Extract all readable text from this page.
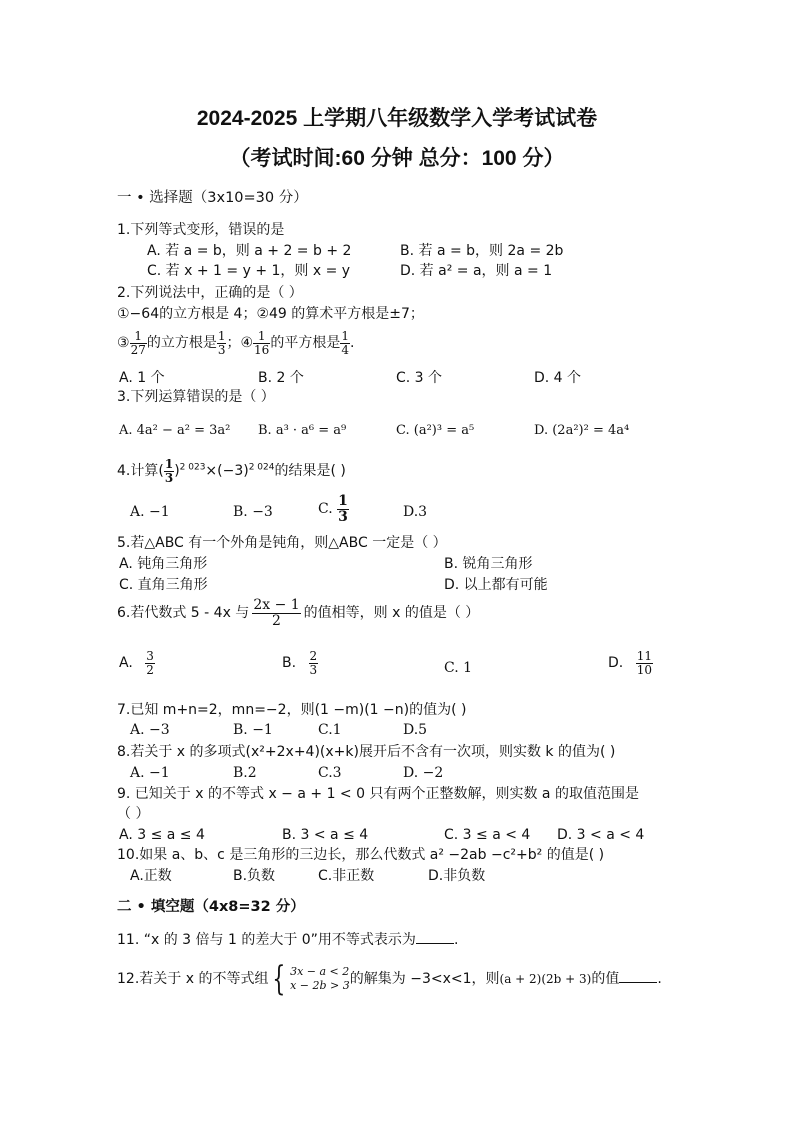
2024-2025 上学期八年级数学入学考试试卷
（考试时间:60 分钟 总分：100 分）
一 • 选择题（3x10=30 分）
1.下列等式变形，错误的是
A. 若 a = b，则 a + 2 = b + 2	B. 若 a = b，则 2a = 2b
C. 若 x + 1 = y + 1，则 x = y	D. 若 a² = a，则 a = 1
2.下列说法中，正确的是（ ）
①−64的立方根是 4；②49 的算术平方根是±7；
③ $\frac{1}{27}$ 的立方根是 $\frac{1}{3}$ ；④ $\frac{1}{16}$ 的平方根是 $\frac{1}{4}$ .
A. 1 个	B. 2 个	C. 3 个	D. 4 个
3.下列运算错误的是（ ）
A. 4a² − a² = 3a² B. a³ · a⁶ = a⁹	C. (a²)³ = a⁵	D. (2a²)² = 4a⁴
4.计算( $\frac{1}{3} )^{2 023}\times(-3)^{2 024}$的结果是( )
A. −1	B. −3	C. $\frac{1}{3}$	D.3
5.若△ABC 有一个外角是钝角，则△ABC 一定是（ ）
A. 钝角三角形	B. 锐角三角形
C. 直角三角形	D. 以上都有可能
6.若代数式 5 - 4x 与 $\frac{2x - 1}{2}$ 的值相等，则 x 的值是（ ）
A. $\frac{3}{2}$	B. $\frac{2}{3}$	C. 1	D. $\frac{11}{10}$
7.已知 m+n=2，mn=−2，则(1 −m)(1 −n)的值为( )
A. −3	B. −1	C.1	D.5
8.若关于 x 的多项式(x²+2x+4)(x+k)展开后不含有一次项，则实数 k 的值为( )
A. −1	B.2	C.3	D. −2
9. 已知关于 x 的不等式 x − a + 1 < 0 只有两个正整数解，则实数 a 的取值范围是
（ ）
A. 3 ≤ a ≤ 4	B. 3 < a ≤ 4	C. 3 ≤ a < 4 D. 3 < a < 4
10.如果 a、b、c 是三角形的三边长，那么代数式 a² −2ab −c²+b² 的值是( )
A.正数	B.负数	C.非正数	D.非负数
二 • 填空题（4x8=32 分）
11. “x 的 3 倍与 1 的差大于 0”用不等式表示为	.
12.若关于 x 的不等式组 { 3x − a < 2
x − 2b > 3 的解集为 −3<x<1，则(a + 2)(2b + 3)的值	.
